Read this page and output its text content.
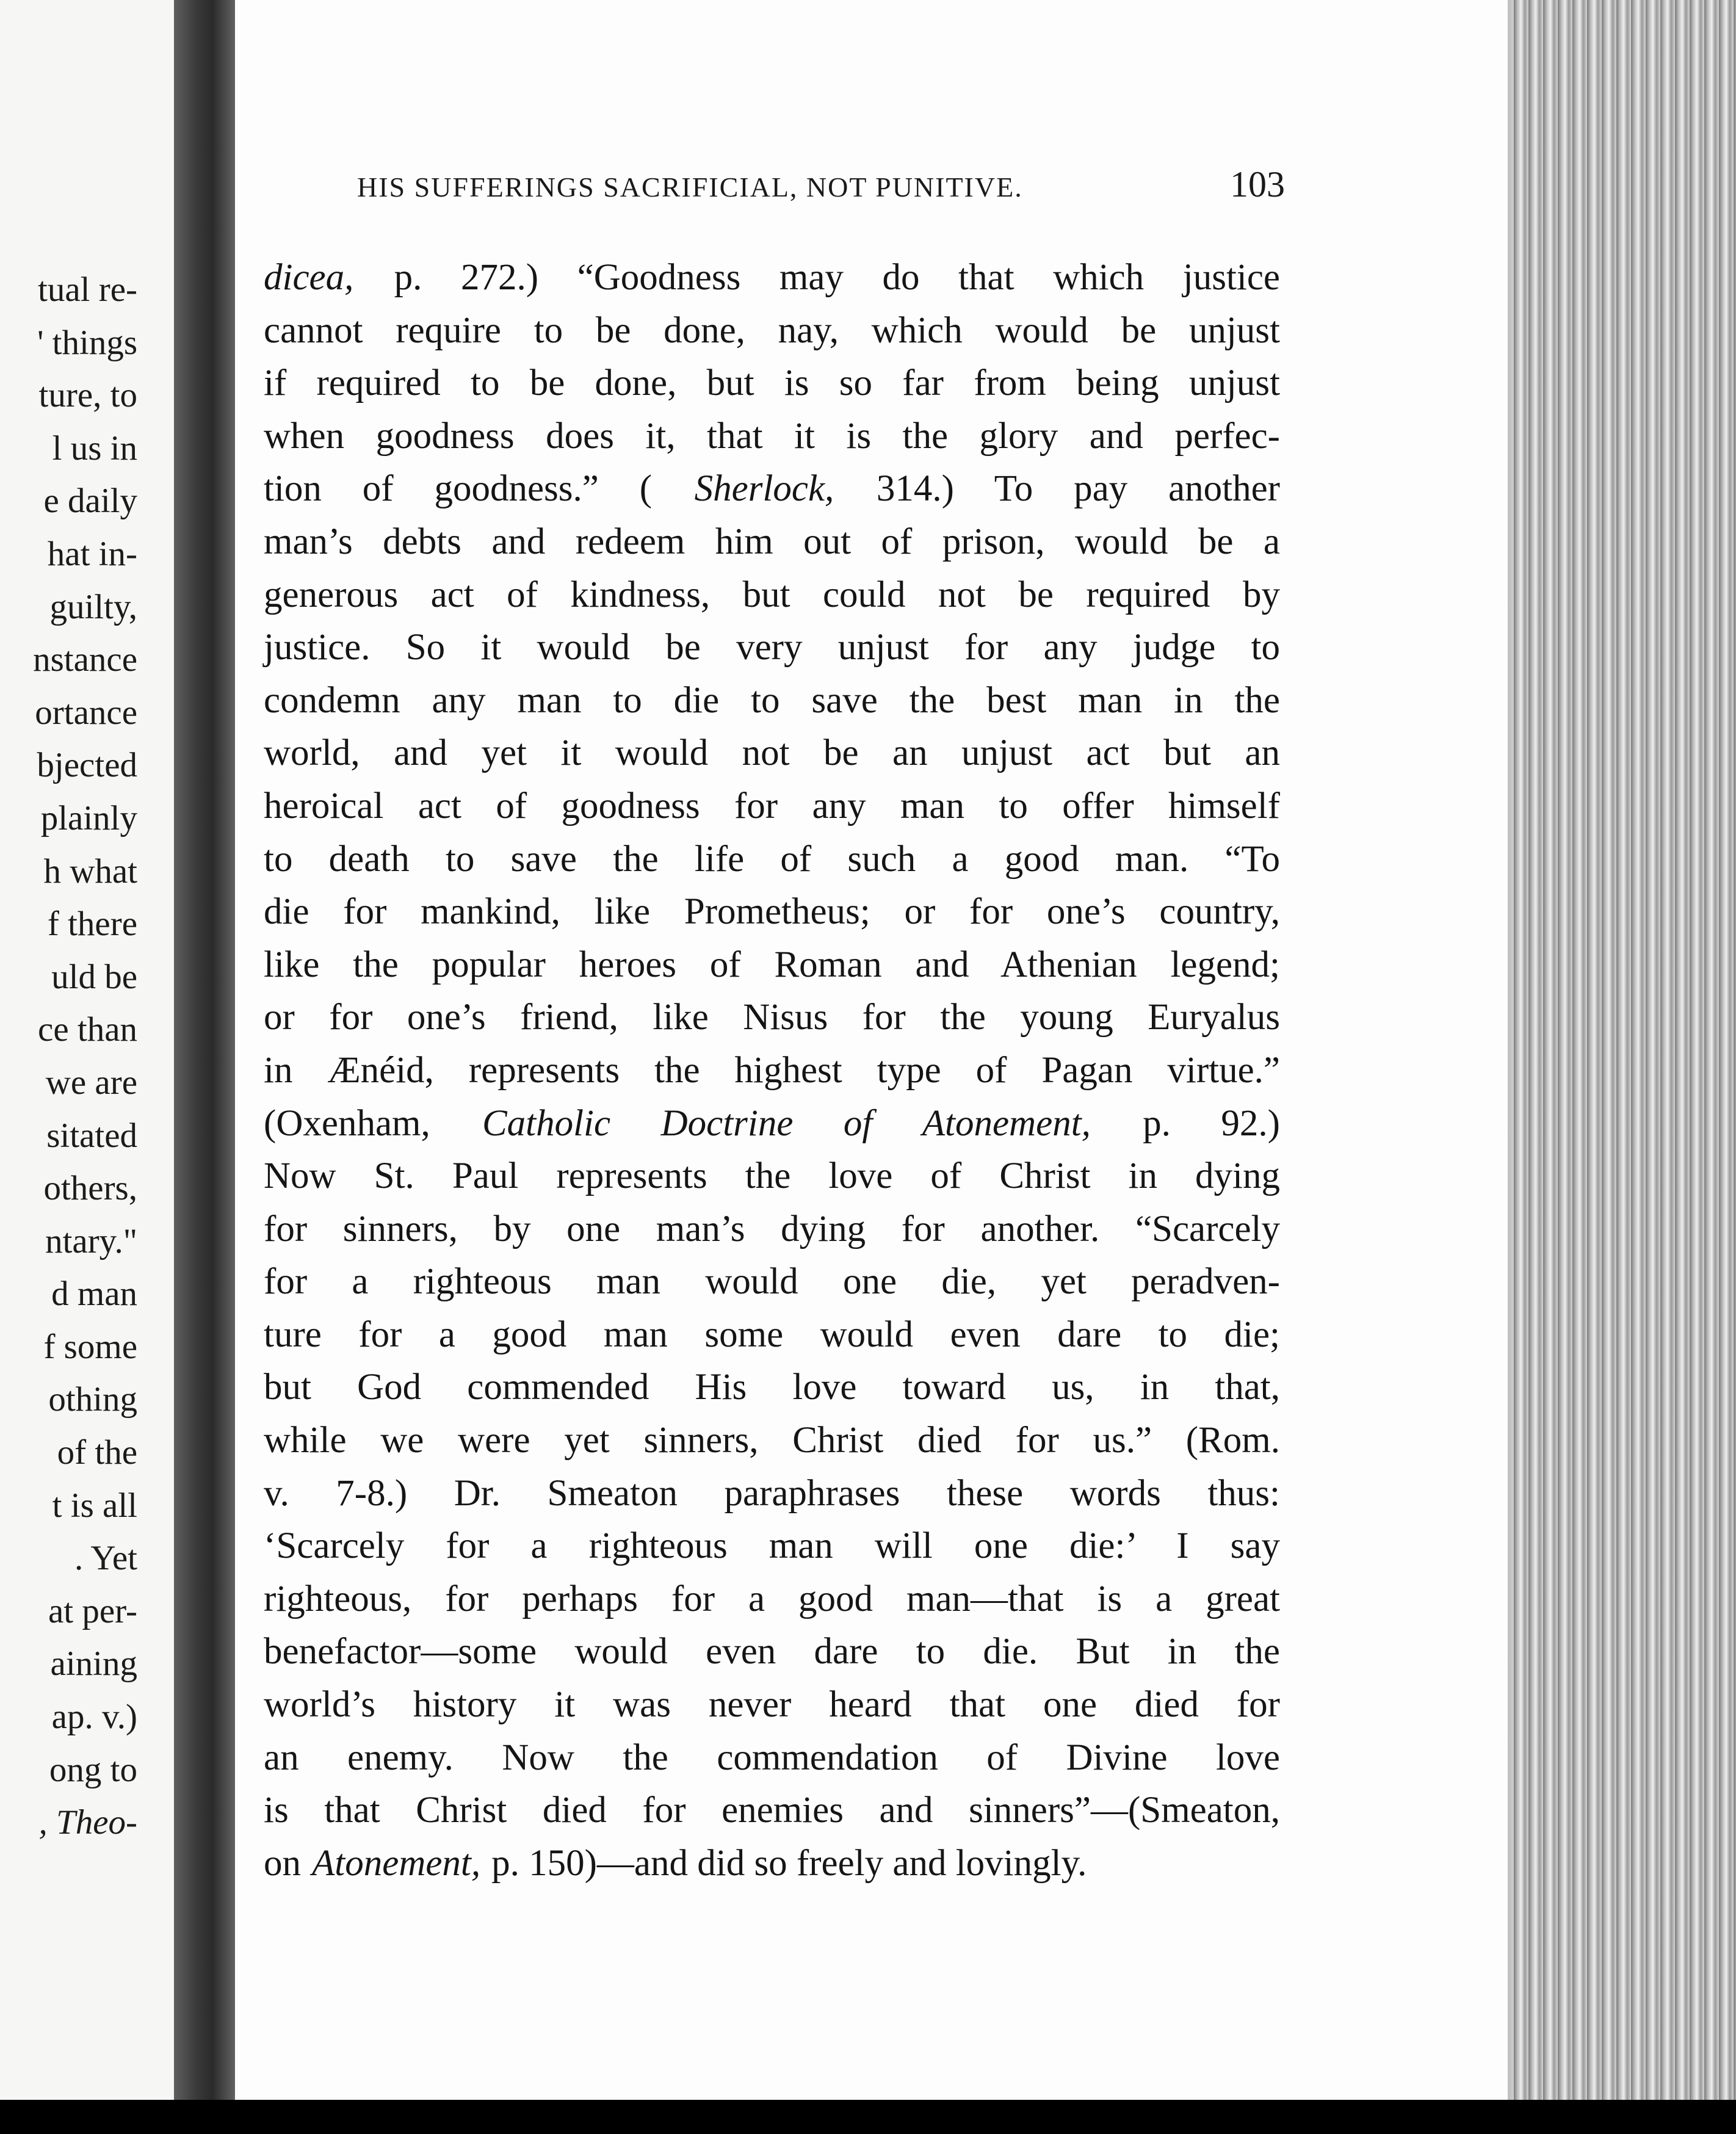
tual re-
' things
ture, to
l us in
e daily
hat in-
guilty,
nstance
ortance
bjected
plainly
h what
f there
uld be
ce than
we are
sitated
others,
ntary."
d man
f some
othing
of the
t is all
. Yet
at per-
aining
ap. v.)
ong to
, Theo-
HIS SUFFERINGS SACRIFICIAL, NOT PUNITIVE.	103
dicea, p. 272.) “Goodness may do that which justice
cannot require to be done, nay, which would be unjust
if required to be done, but is so far from being unjust
when goodness does it, that it is the glory and perfec-
tion of goodness.” ( Sherlock, 314.) To pay another
man’s debts and redeem him out of prison, would be a
generous act of kindness, but could not be required by
justice. So it would be very unjust for any judge to
condemn any man to die to save the best man in the
world, and yet it would not be an unjust act but an
heroical act of goodness for any man to offer himself
to death to save the life of such a good man. “To
die for mankind, like Prometheus; or for one’s country,
like the popular heroes of Roman and Athenian legend;
or for one’s friend, like Nisus for the young Euryalus
in Ænéid, represents the highest type of Pagan virtue.”
(Oxenham, Catholic Doctrine of Atonement, p. 92.)
Now St. Paul represents the love of Christ in dying
for sinners, by one man’s dying for another. “Scarcely
for a righteous man would one die, yet peradven-
ture for a good man some would even dare to die;
but God commended His love toward us, in that,
while we were yet sinners, Christ died for us.” (Rom.
v. 7-8.) Dr. Smeaton paraphrases these words thus:
‘Scarcely for a righteous man will one die:’ I say
righteous, for perhaps for a good man—that is a great
benefactor—some would even dare to die. But in the
world’s history it was never heard that one died for
an enemy. Now the commendation of Divine love
is that Christ died for enemies and sinners”—(Smeaton,
on Atonement, p. 150)—and did so freely and lovingly.
